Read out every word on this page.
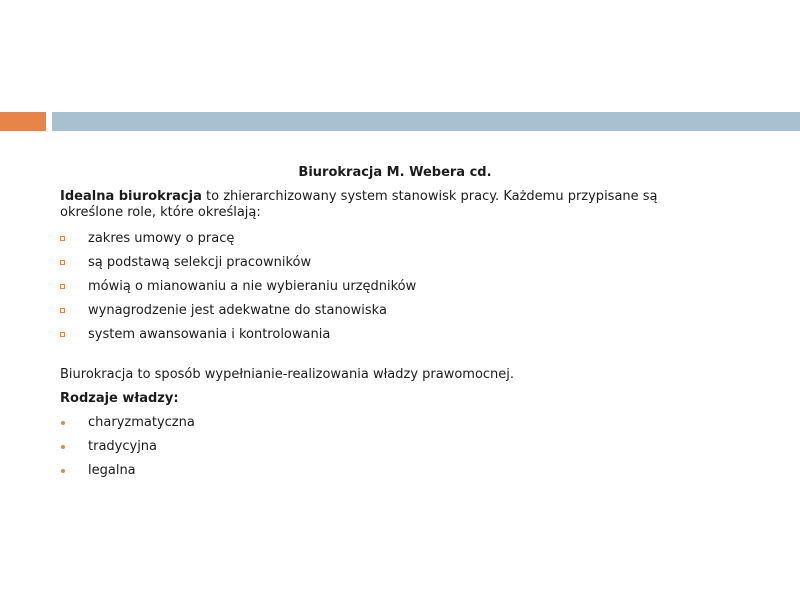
Biurokracja M. Webera cd.
Idealna biurokracja to zhierarchizowany system stanowisk pracy. Każdemu przypisane są określone role, które określają:
zakres umowy o pracę
są podstawą selekcji pracowników
mówią o mianowaniu a nie wybieraniu urzędników
wynagrodzenie jest adekwatne do stanowiska
system awansowania i kontrolowania
Biurokracja to sposób wypełnianie-realizowania władzy prawomocnej.
Rodzaje władzy:
charyzmatyczna
tradycyjna
legalna
